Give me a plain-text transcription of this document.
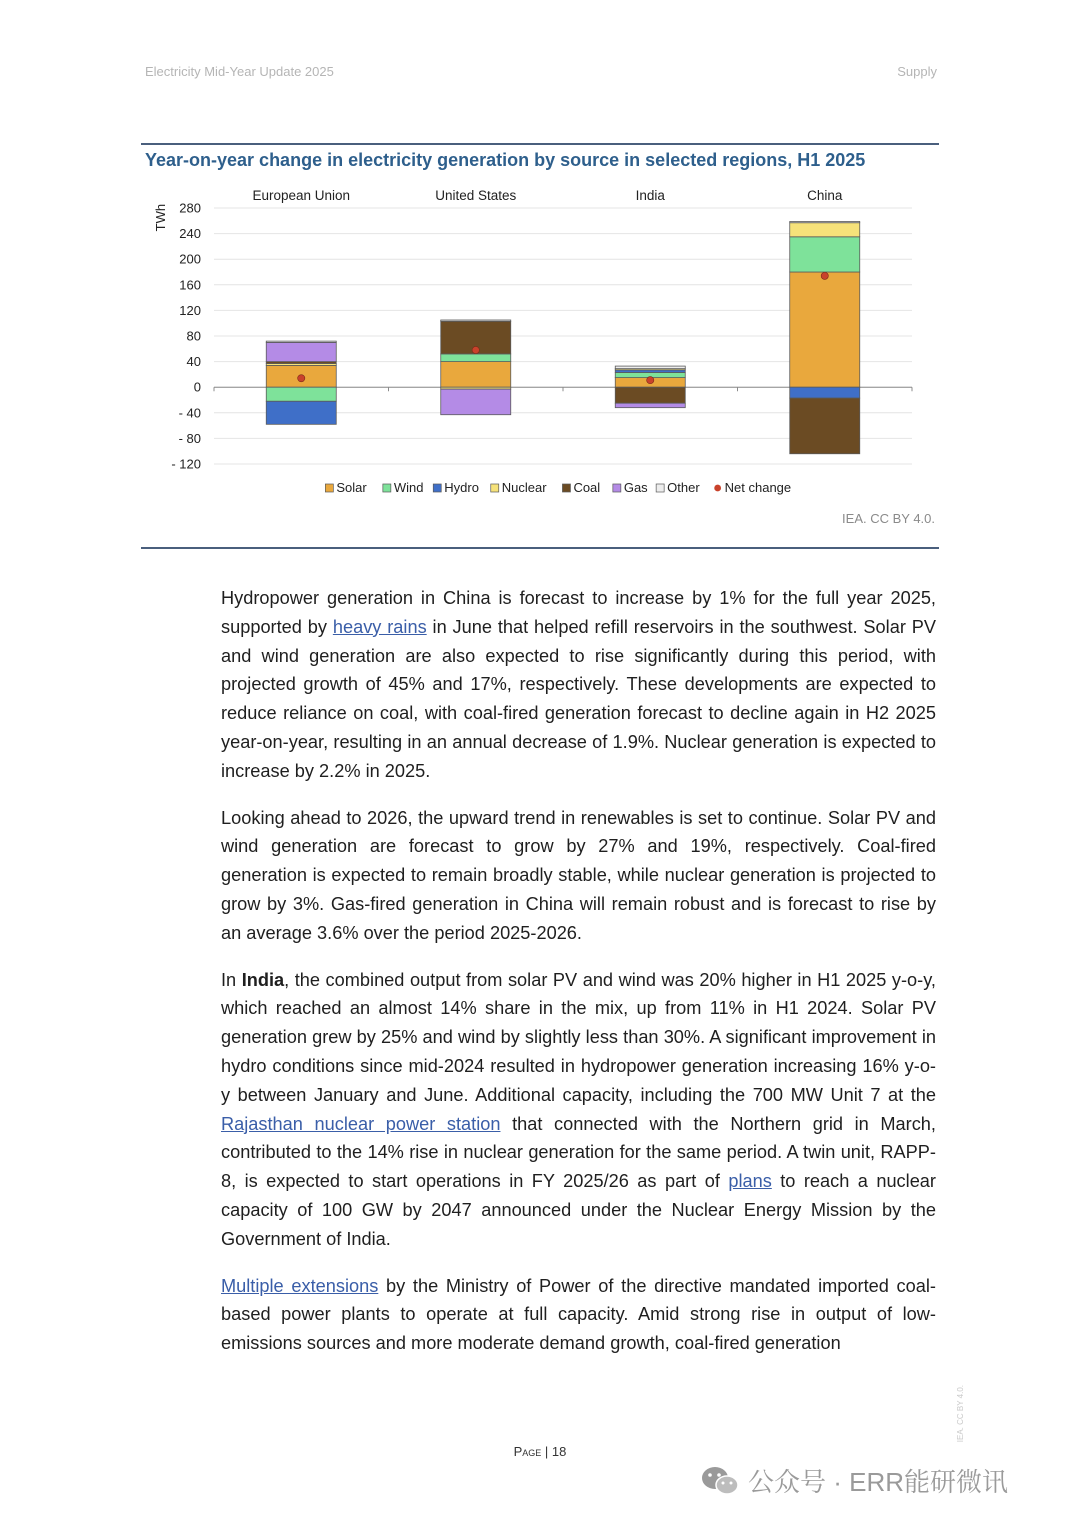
Electricity Mid-Year Update 2025	Supply
Year-on-year change in electricity generation by source in selected regions, H1 2025
280
240
200
160
120
80
40
0
- 40
- 80
- 120
TWh
European Union	United States	India	China
Solar Wind Hydro Nuclear Coal Gas Other Net change
IEA. CC BY 4.0.

Hydropower generation in China is forecast to increase by 1% for the full year 2025, supported by heavy rains in June that helped refill reservoirs in the southwest. Solar PV and wind generation are also expected to rise significantly during this period, with projected growth of 45% and 17%, respectively. These developments are expected to reduce reliance on coal, with coal-fired generation forecast to decline again in H2 2025 year-on-year, resulting in an annual decrease of 1.9%. Nuclear generation is expected to increase by 2.2% in 2025.

Looking ahead to 2026, the upward trend in renewables is set to continue. Solar PV and wind generation are forecast to grow by 27% and 19%, respectively. Coal-fired generation is expected to remain broadly stable, while nuclear generation is projected to grow by 3%. Gas-fired generation in China will remain robust and is forecast to rise by an average 3.6% over the period 2025-2026.

In India, the combined output from solar PV and wind was 20% higher in H1 2025 y-o-y, which reached an almost 14% share in the mix, up from 11% in H1 2024. Solar PV generation grew by 25% and wind by slightly less than 30%. A significant improvement in hydro conditions since mid-2024 resulted in hydropower generation increasing 16% y-o-y between January and June. Additional capacity, including the 700 MW Unit 7 at the Rajasthan nuclear power station that connected with the Northern grid in March, contributed to the 14% rise in nuclear generation for the same period. A twin unit, RAPP-8, is expected to start operations in FY 2025/26 as part of plans to reach a nuclear capacity of 100 GW by 2047 announced under the Nuclear Energy Mission by the Government of India.

Multiple extensions by the Ministry of Power of the directive mandated imported coal-based power plants to operate at full capacity. Amid strong rise in output of low-emissions sources and more moderate demand growth, coal-fired generation

Page | 18
IEA. CC BY 4.0.
公众号 · ERR能研微讯
